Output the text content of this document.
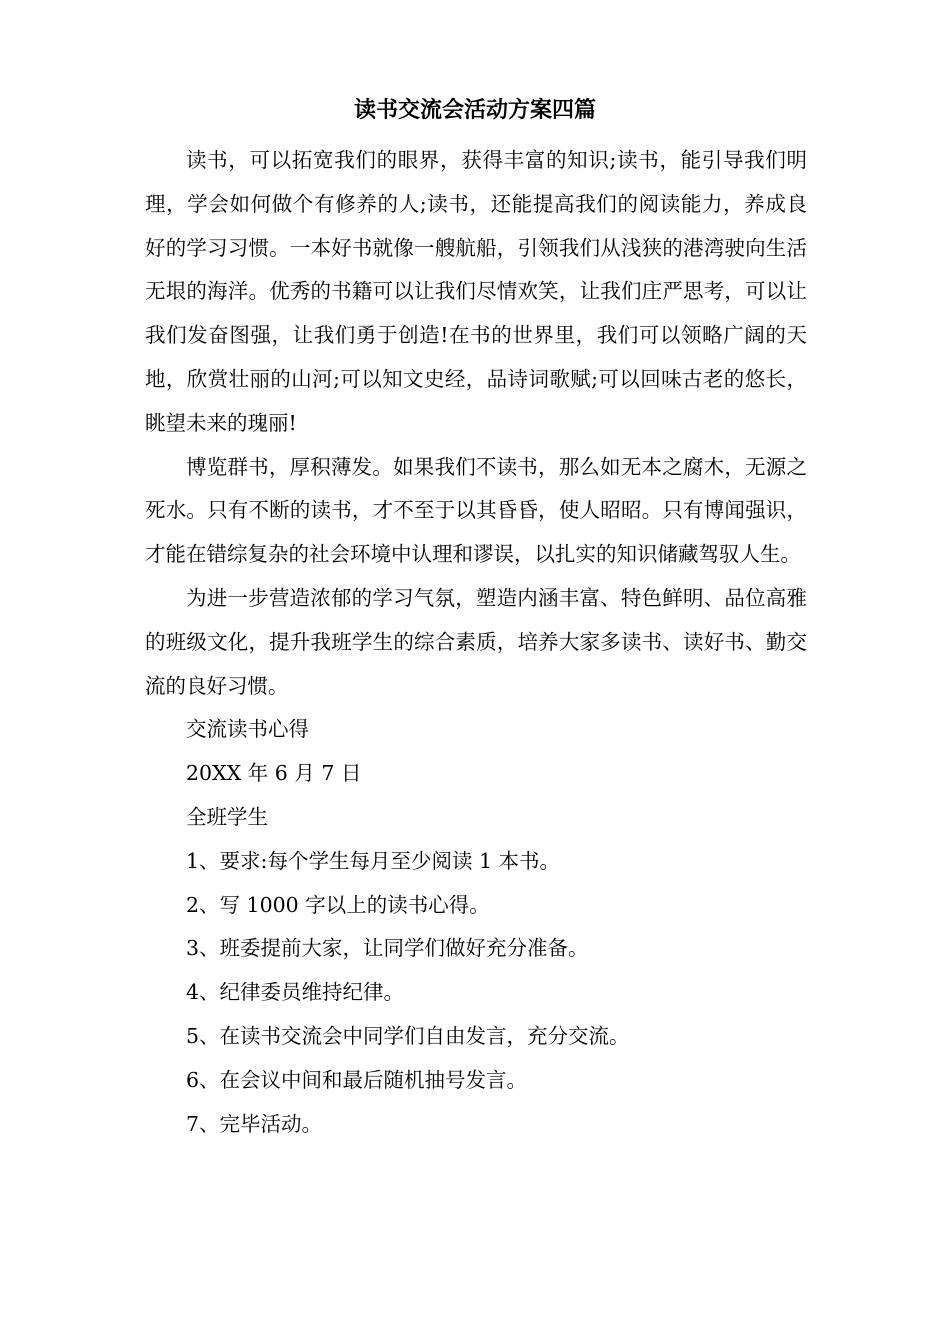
读书交流会活动方案四篇

读书，可以拓宽我们的眼界，获得丰富的知识;读书，能引导我们明理，学会如何做个有修养的人;读书，还能提高我们的阅读能力，养成良好的学习习惯。一本好书就像一艘航船，引领我们从浅狭的港湾驶向生活无垠的海洋。优秀的书籍可以让我们尽情欢笑，让我们庄严思考，可以让我们发奋图强，让我们勇于创造!在书的世界里，我们可以领略广阔的天地，欣赏壮丽的山河;可以知文史经，品诗词歌赋;可以回味古老的悠长，眺望未来的瑰丽!

博览群书，厚积薄发。如果我们不读书，那么如无本之腐木，无源之死水。只有不断的读书，才不至于以其昏昏，使人昭昭。只有博闻强识，才能在错综复杂的社会环境中认理和谬误，以扎实的知识储藏驾驭人生。

为进一步营造浓郁的学习气氛，塑造内涵丰富、特色鲜明、品位高雅的班级文化，提升我班学生的综合素质，培养大家多读书、读好书、勤交流的良好习惯。

交流读书心得

20XX 年 6 月 7 日

全班学生

1、要求:每个学生每月至少阅读 1 本书。

2、写 1000 字以上的读书心得。

3、班委提前大家，让同学们做好充分准备。

4、纪律委员维持纪律。

5、在读书交流会中同学们自由发言，充分交流。

6、在会议中间和最后随机抽号发言。

7、完毕活动。
